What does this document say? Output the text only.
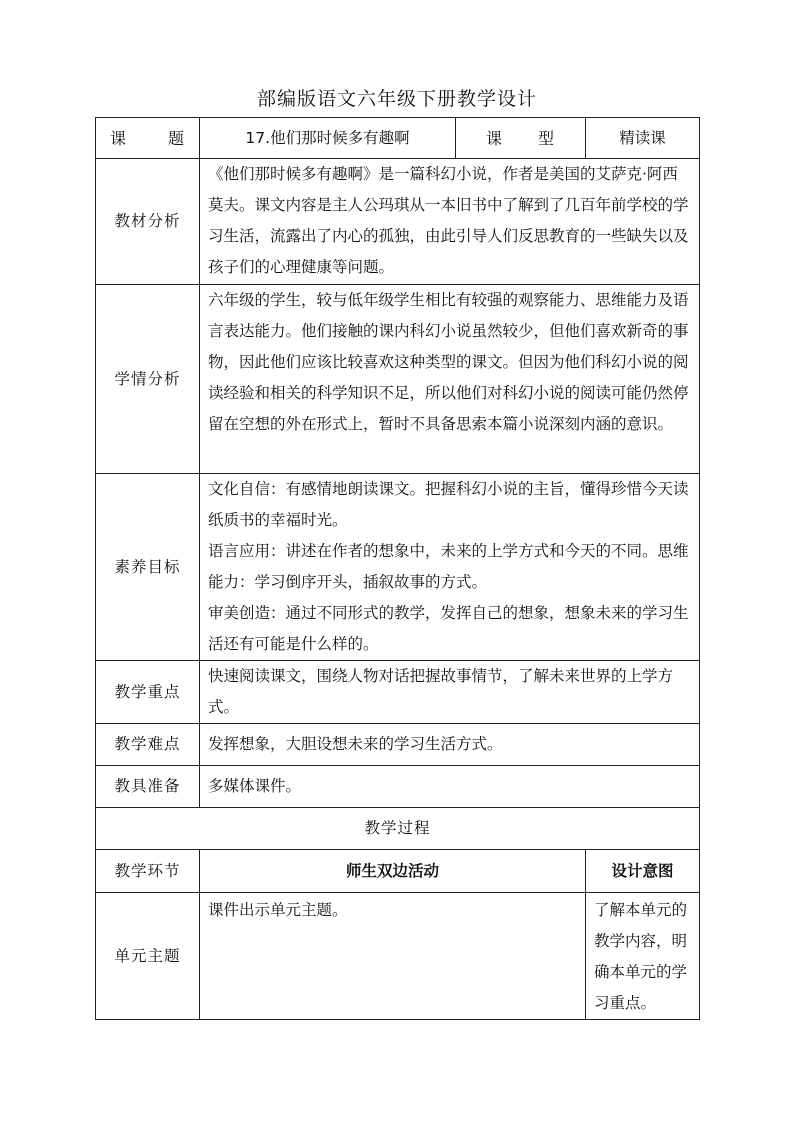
部编版语文六年级下册教学设计
课 题	17.他们那时候多有趣啊	课 型	精读课
教材分析	《他们那时候多有趣啊》是一篇科幻小说，作者是美国的艾萨克·阿西莫夫。课文内容是主人公玛琪从一本旧书中了解到了几百年前学校的学习生活，流露出了内心的孤独，由此引导人们反思教育的一些缺失以及孩子们的心理健康等问题。		
学情分析	六年级的学生，较与低年级学生相比有较强的观察能力、思维能力及语言表达能力。他们接触的课内科幻小说虽然较少，但他们喜欢新奇的事物，因此他们应该比较喜欢这种类型的课文。但因为他们科幻小说的阅读经验和相关的科学知识不足，所以他们对科幻小说的阅读可能仍然停留在空想的外在形式上，暂时不具备思索本篇小说深刻内涵的意识。		
素养目标	文化自信：有感情地朗读课文。把握科幻小说的主旨，懂得珍惜今天读纸质书的幸福时光。

语言应用：讲述在作者的想象中，未来的上学方式和今天的不同。思维能力：学习倒序开头，插叙故事的方式。

审美创造：通过不同形式的教学，发挥自己的想象，想象未来的学习生活还有可能是什么样的。		

教学重点	快速阅读课文，围绕人物对话把握故事情节，了解未来世界的上学方式。		
教学难点	发挥想象，大胆设想未来的学习生活方式。		
教具准备	多媒体课件。		
教学过程			
教学环节	师生双边活动	设计意图
单元主题	课件出示单元主题。	了解本单元的教学内容，明确本单元的学习重点。
